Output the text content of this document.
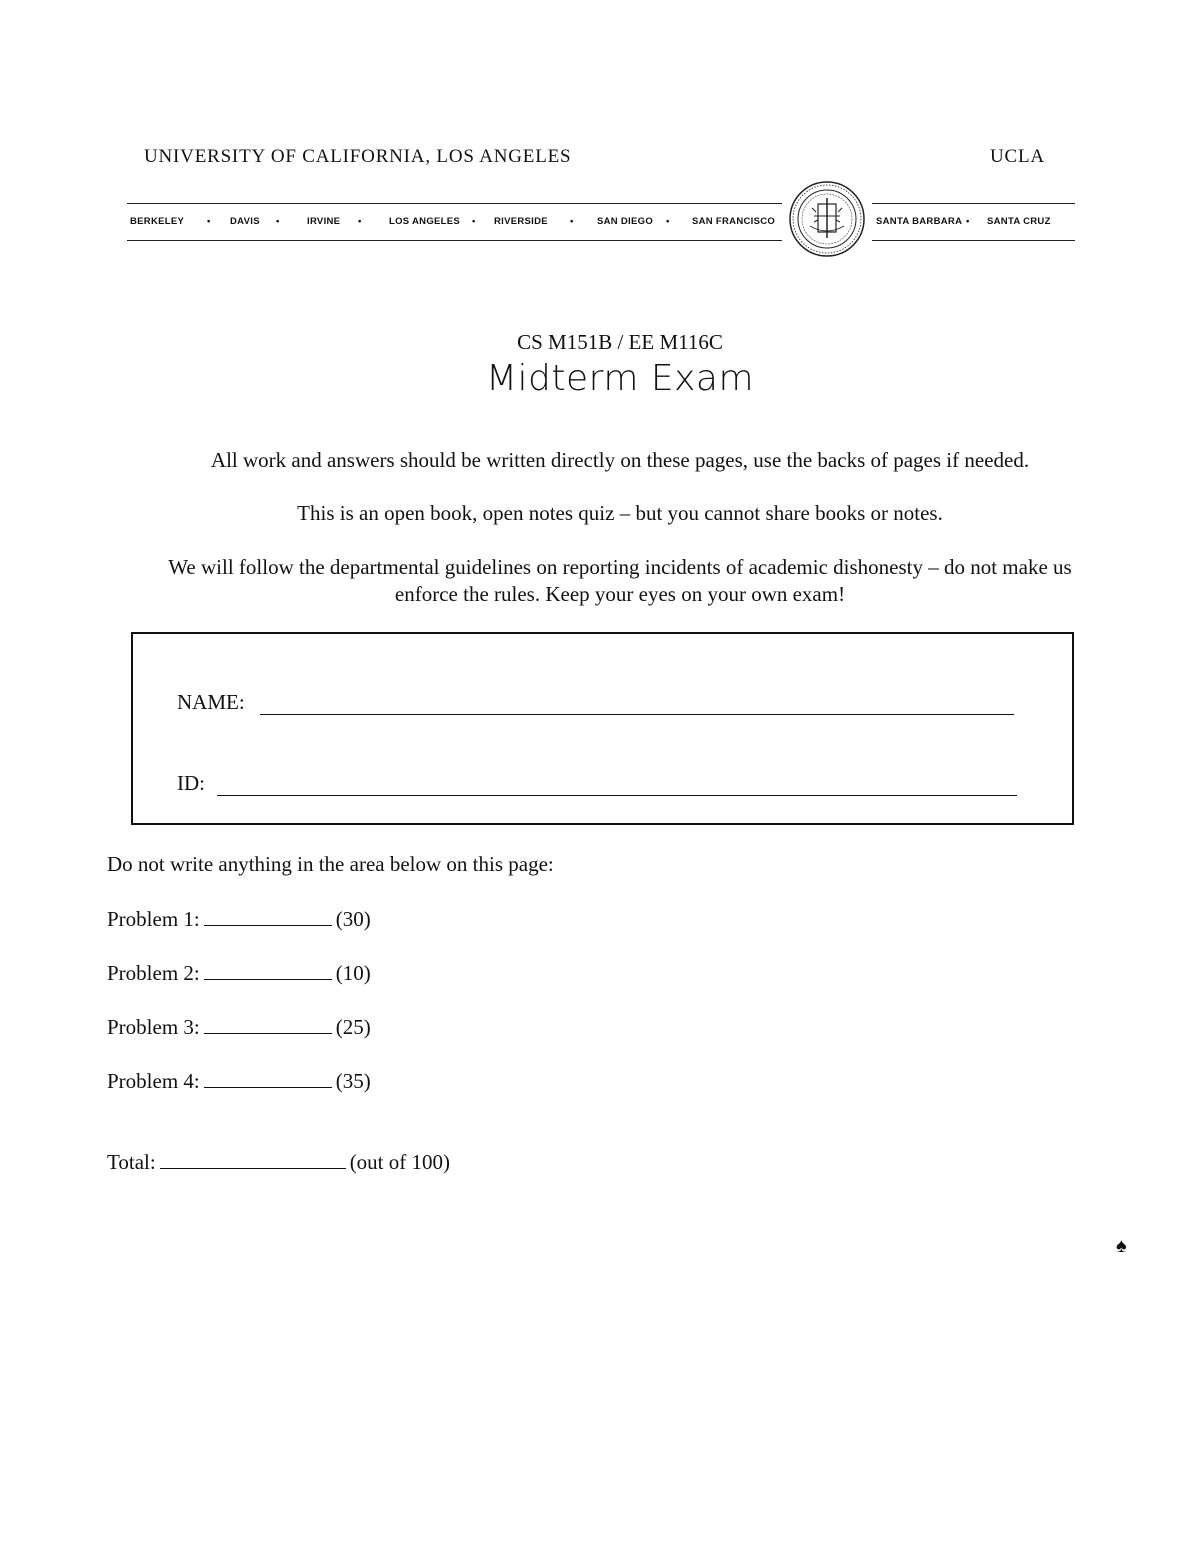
UNIVERSITY OF CALIFORNIA, LOS ANGELES	UCLA
BERKELEY • DAVIS •	IRVINE •	LOS ANGELES • RIVERSIDE • SAN DIEGO • SAN FRANCISCO	SANTA BARBARA • SANTA CRUZ
CS M151B / EE M116C
Midterm Exam
All work and answers should be written directly on these pages, use the backs of pages if needed.
This is an open book, open notes quiz – but you cannot share books or notes.
We will follow the departmental guidelines on reporting incidents of academic dishonesty – do not make us
enforce the rules. Keep your eyes on your own exam!
NAME:
ID:
Do not write anything in the area below on this page:
Problem 1:	(30)
Problem 2:	(10)
Problem 3:	(25)
Problem 4:	(35)
Total:	(out of 100)
♠
